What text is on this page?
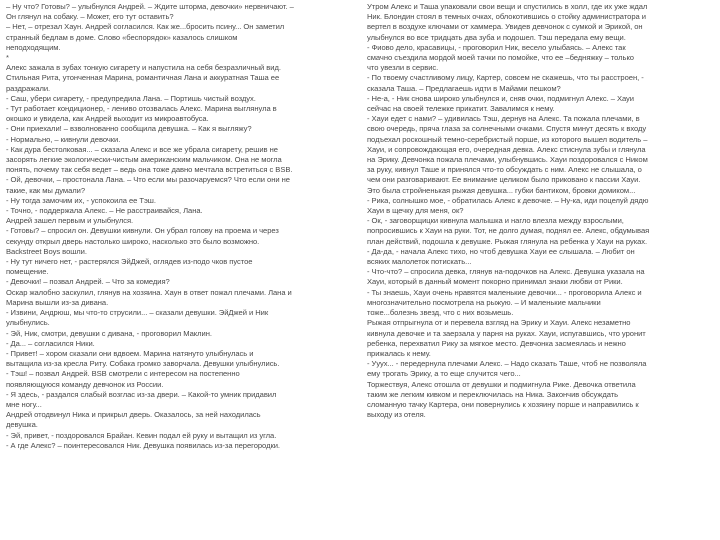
– Ну что? Готовы? – улыбнулся Андрей. – Ждите шторма, девочки» нервничают. –
Он глянул на собаку. – Может, его тут оставить?
– Нет, – отрезал Хаун. Андрей согласился. Как же...бросить псину... Он заметил
странный бедлам в доме. Слово «беспорядок» казалось слишком
неподходящим.
*
Алекс зажала в зубах тонкую сигарету и напустила на себя безразличный вид.
Стильная Рита, утонченная Марина, романтичная Лана и аккуратная Таша ее
раздражали.
- Саш, убери сигарету, - предупредила Лана. – Портишь чистый воздух.
- Тут работает кондиционер, - ленивo отозвалась Алекс. Марина выглянула в
окошко и увидела, как Андрей выходит из микроавтобуса.
- Они приехали! – взволнованно сообщила девушка. – Как я выгляжу?
- Нормально, – кивнули девочки.
- Как дура бестолковая... – сказала Алекс и все же убрала сигарету, решив не
засорять легкие экологически-чистым американским мальчиком. Она не могла
понять, почему так себя ведет – ведь она тоже давно мечтала встретиться с BSB.
- Ой, девочки, – простонала Лана. – Что если мы разочаруемся? Что если они не
такие, как мы думали?
- Ну тогда замочим их, - успокоила ее Тэш.
- Точно, - поддержала Алекс. – Не расстраивайся, Лана.
Андрей зашел первым и улыбнулся.
- Готовы? – спросил он. Девушки кивнули. Он убрал голову на проема и через
секунду открыл дверь настолько широко, насколько это было возможно.
Backstreet Boys вошли.
- Ну тут ничего нет, - растерялся ЭйДжей, оглядев из-подо чков пустое
помещение.
- Девочки! – позвал Андрей. – Что за комедия?
Оскар жалобно заскулил, глянув на хозяина. Хаун в ответ пожал плечами. Лана и
Марина вышли из-за дивана.
- Извини, Андрюш, мы что-то струсили... – сказали девушки. ЭйДжей и Ник
улыбнулись.
- Эй, Ник, смотри, девушки с дивана, - проговорил Маклин.
- Да... – согласился Ники.
- Привет! – хором сказали они вдвоем. Марина натянуто улыбнулась и
вытащила из-за кресла Риту. Собака громко заворчала. Девушки улыбнулись.
- Тэш! – позвал Андрей. BSB смотрели с интересом на постепенно
появляющуюся команду девчонок из России.
- Я здесь, - раздался слабый возглас из-за двери. – Какой-то умник придавил
мне ногу...
Андрей отодвинул Ника и прикрыл дверь. Оказалось, за ней находилась
девушка.
- Эй, привет, - поздоровался Брайан. Кевин подал ей руку и вытащил из угла.
- А где Алекс? – поинтересовался Ник. Девушка появилась из-за перегородки.
Утром Алекс и Таша упаковали свои вещи и спустились в холл, где их уже ждал
Ник. Блондин стоял в темных очках, облокотившись о стойку администратора и
вертел в воздухе ключами от хаммера. Увидев девчонок с сумкой и Эрикой, он
улыбнулся во все тридцать два зуба и подошел. Тэш передала ему вещи.
- Фиово дело, красавицы, - проговорил Ник, весело улыбаясь. – Алекс так
смачно съездила мордой моей тачки по помойке, что ее –бедняжку – только
что увезли в сервис.
- По твоему счастливому лицу, Картер, совсем не скажешь, что ты расстроен, -
сказала Таша. – Предлагаешь идти в Майами пешком?
- Не-а, - Ник снова широко улыбнулся и, сняв очки, подмигнул Алекс. – Хауи
сейчас на своей тележке прикатит. Завалимся к нему.
- Хауи едет с нами? – удивилась Тэш, дернув на Алекс. Та пожала плечами, в
свою очередь, пряча глаза за солнечными очками. Спустя минут десять к входу
подъехал роскошный темно-серебристый порше, из которого вышел водитель –
Хауи, и сопровождающая его, очередная девка. Алекс стиснула зубы и глянула
на Эрику. Девчонка пожала плечами, улыбнувшись. Хауи поздоровался с Ником
за руку, кивнул Таше и принялся что-то обсуждать с ним. Алекс не слышала, о
чем они разговаривают. Ее внимание целиком было приковано к пассии Хауи.
Это была стройненькая рыжая девушка... губки бантиком, бровки домиком...
- Рика, солнышко мое, - обратилась Алекс к девочке. – Ну-ка, иди поцелуй дядю
Хауи в щечку для меня, ок?
- Ок, - заговорщицки кивнула малышка и нагло влезла между взрослыми,
попросившись к Хауи на руки. Тот, не долго думая, поднял ее. Алекс, обдумывая
план действий, подошла к девушке. Рыжая глянула на ребенка у Хауи на руках.
- Да-да, - начала Алекс тихо, но чтоб девушка Хауи ее слышала. – Любит он
всяких малолеток потискать...
- Что-что? – спросила девка, глянув на-подочков на Алекс. Девушка указала на
Хауи, который в данный момент покорно принимал знаки любви от Рики.
- Ты знаешь, Хауи очень нравятся маленькие девочки... - проговорила Алекс и
многозначительно посмотрела на рыжую. – И маленькие мальчики
тоже...болезнь звезд, что с них возьмешь.
Рыжая отпрыгнула от и перевела взгляд на Эрику и Хауи. Алекс незаметно
кивнула девочке и та заерзала у парня на руках. Хауи, испугавшись, что уронит
ребенка, перехватил Рику за мягкое место. Девчонка засмеялась и нежно
прижалась к нему.
- Ууух... - передернула плечами Алекс. – Надо сказать Таше, чтоб не позволяла
ему трогать Эрику, а то еще случится чего...
Торжествуя, Алекс отошла от девушки и подмигнула Рике. Девочка ответила
таким же легким кивком и переключилась на Ника. Закончив обсуждать
сломанную тачку Картера, они повернулись к хозяину порше и направились к
выходу из отеля.
